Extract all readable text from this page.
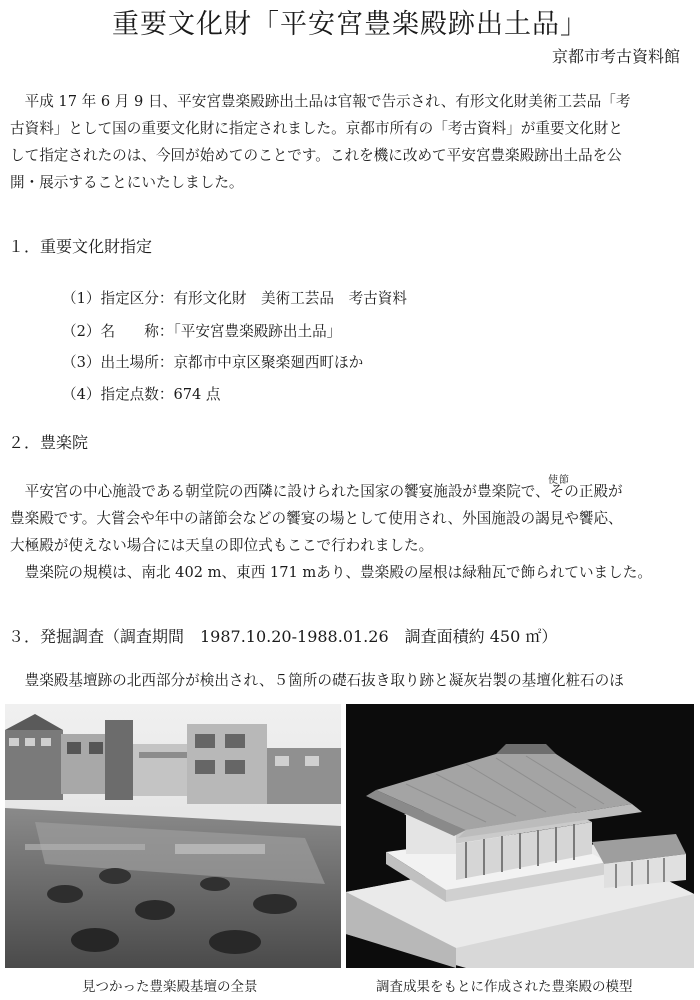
重要文化財「平安宮豊楽殿跡出土品」
京都市考古資料館
　平成 17 年 6 月 9 日、平安宮豊楽殿跡出土品は官報で告示され、有形文化財美術工芸品「考
古資料」として国の重要文化財に指定されました。京都市所有の「考古資料」が重要文化財と
して指定されたのは、今回が始めてのことです。これを機に改めて平安宮豊楽殿跡出土品を公
開・展示することにいたしました。
１．重要文化財指定
（1）指定区分：有形文化財　美術工芸品　考古資料
（2）名　　称：「平安宮豊楽殿跡出土品」
（3）出土場所：京都市中京区聚楽廻西町ほか
（4）指定点数：674 点
２．豊楽院
使節
　平安宮の中心施設である朝堂院の西隣に設けられた国家の饗宴施設が豊楽院で、その正殿が
豊楽殿です。大嘗会や年中の諸節会などの饗宴の場として使用され、外国施設の謁見や饗応、
大極殿が使えない場合には天皇の即位式もここで行われました。
　豊楽院の規模は、南北 402 m、東西 171 mあり、豊楽殿の屋根は緑釉瓦で飾られていました。
３．発掘調査（調査期間　1987.10.20-1988.01.26　調査面積約 450 ㎡）
　豊楽殿基壇跡の北西部分が検出され、５箇所の礎石抜き取り跡と凝灰岩製の基壇化粧石のほ
見つかった豊楽殿基壇の全景	調査成果をもとに作成された豊楽殿の模型
